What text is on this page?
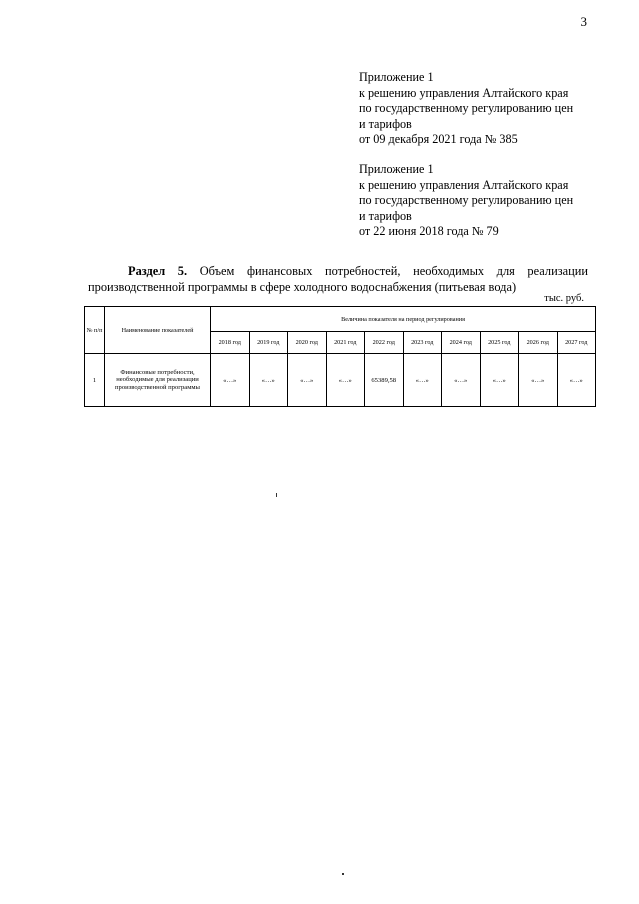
3
Приложение 1
к решению управления Алтайского края
по государственному регулированию цен
и тарифов
от 09 декабря 2021 года № 385
Приложение 1
к решению управления Алтайского края
по государственному регулированию цен
и тарифов
от 22 июня 2018 года № 79
Раздел 5. Объем финансовых потребностей, необходимых для реализации производственной программы в сфере холодного водоснабжения (питьевая вода)
тыс. руб.
№ п/п	Наименование показателей	Величина показателя на период регулирования									
		2018 год	2019 год	2020 год	2021 год	2022 год	2023 год	2024 год	2025 год	2026 год	2027 год
1	Финансовые потребности, необходимые для реализации производственной программы	«…»	«…»	«…»	«…»	65389,58	«…»	«…»	«…»	«…»	«…»
